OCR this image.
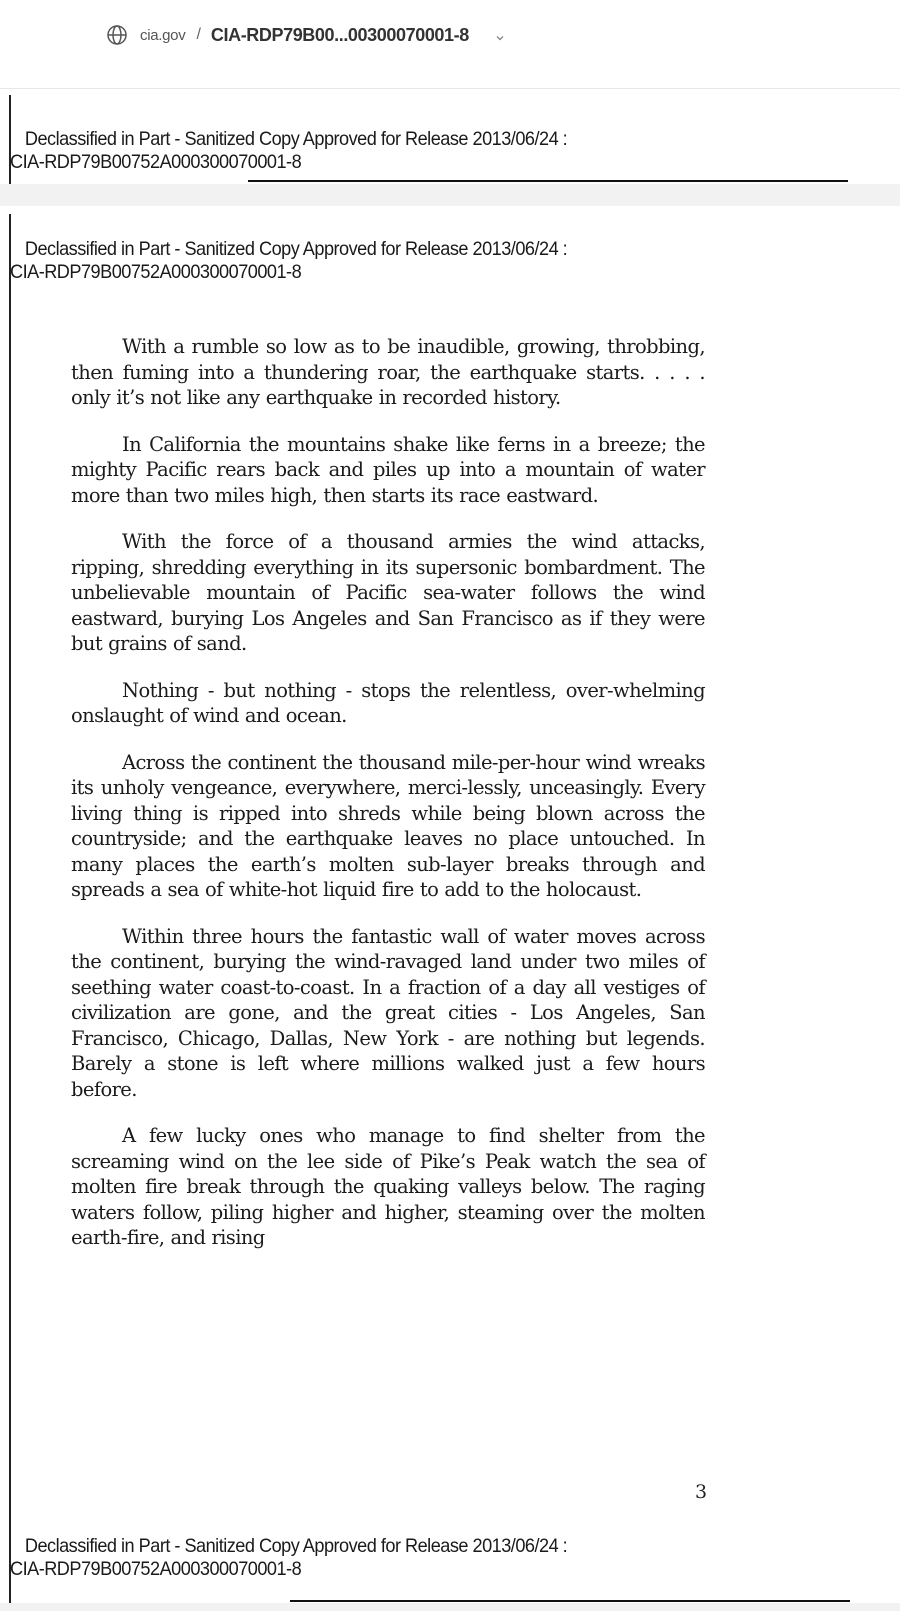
cia.gov / CIA-RDP79B00...00300070001-8
Declassified in Part - Sanitized Copy Approved for Release 2013/06/24 :
CIA-RDP79B00752A000300070001-8
Declassified in Part - Sanitized Copy Approved for Release 2013/06/24 :
CIA-RDP79B00752A000300070001-8
Declassified in Part - Sanitized Copy Approved for Release 2013/06/24 :
CIA-RDP79B00752A000300070001-8

With a rumble so low as to be inaudible, growing, throbbing, then fuming into a thundering roar, the earthquake starts. . . . . only it’s not like any earthquake in recorded history.

In California the mountains shake like ferns in a breeze; the mighty Pacific rears back and piles up into a mountain of water more than two miles high, then starts its race eastward.

With the force of a thousand armies the wind attacks, ripping, shredding everything in its supersonic bombardment. The unbelievable mountain of Pacific sea-water follows the wind eastward, burying Los Angeles and San Francisco as if they were but grains of sand.

Nothing - but nothing - stops the relentless, over-whelming onslaught of wind and ocean.

Across the continent the thousand mile-per-hour wind wreaks its unholy vengeance, everywhere, merci-lessly, unceasingly. Every living thing is ripped into shreds while being blown across the countryside; and the earthquake leaves no place untouched. In many places the earth’s molten sub-layer breaks through and spreads a sea of white-hot liquid fire to add to the holocaust.

Within three hours the fantastic wall of water moves across the continent, burying the wind-ravaged land under two miles of seething water coast-to-coast. In a fraction of a day all vestiges of civilization are gone, and the great cities - Los Angeles, San Francisco, Chicago, Dallas, New York - are nothing but legends. Barely a stone is left where millions walked just a few hours before.

A few lucky ones who manage to find shelter from the screaming wind on the lee side of Pike’s Peak watch the sea of molten fire break through the quaking valleys below. The raging waters follow, piling higher and higher, steaming over the molten earth-fire, and rising

3
